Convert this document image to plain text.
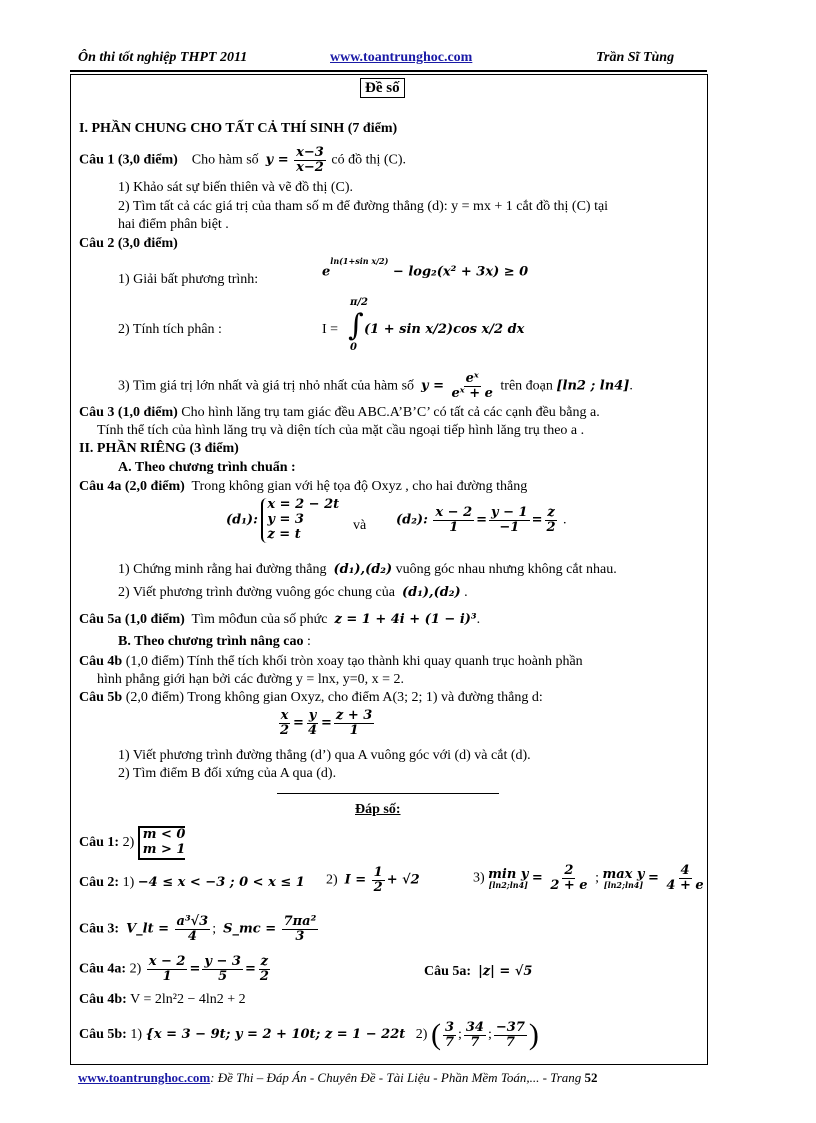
Ôn thi tốt nghiệp THPT 2011	www.toantrunghoc.com	Trần Sĩ Tùng
Đề số
I. PHẦN CHUNG CHO TẤT CẢ THÍ SINH (7 điểm)
Câu 1 (3,0 điểm) Cho hàm số $y = \frac{x-3}{x-2}$ có đồ thị (C).
1) Khảo sát sự biến thiên và vẽ đồ thị (C).
2) Tìm tất cả các giá trị của tham số m để đường thẳng (d): y = mx + 1 cắt đồ thị (C) tại
hai điểm phân biệt .
Câu 2 (3,0 điểm)
1) Giải bất phương trình:
$e^{ln(1+sin x/2)} - \log_2(x^2 + 3x) \ge 0$
2) Tính tích phân :	I =
π/2
∫
0
(1 + sin x/2)cos x/2 dx
3) Tìm giá trị lớn nhất và giá trị nhỏ nhất của hàm số $y = \frac{\text{eˣ}}{\text{eˣ + e}}$ trên đoạn [ln2 ; ln4].
Câu 3 (1,0 điểm) Cho hình lăng trụ tam giác đều ABC.A’B’C’ có tất cả các cạnh đều bằng a.
Tính thể tích của hình lăng trụ và diện tích của mặt cầu ngoại tiếp hình lăng trụ theo a .
II. PHẦN RIÊNG (3 điểm)
A. Theo chương trình chuẩn :
Câu 4a (2,0 điểm) Trong không gian với hệ tọa độ Oxyz , cho hai đường thẳng
(d₁):
x = 2 − 2t
y = 3
z = t
và (d₂): $\frac{x - 2}{1} = \frac{y - 1}{-1} = \frac{z}{2}$ .
1) Chứng minh rằng hai đường thẳng (d₁),(d₂) vuông góc nhau nhưng không cắt nhau.
2) Viết phương trình đường vuông góc chung của (d₁),(d₂) .
Câu 5a (1,0 điểm) Tìm môđun của số phức z = 1 + 4i + (1 − i)³.
B. Theo chương trình nâng cao :
Câu 4b (1,0 điểm) Tính thể tích khối tròn xoay tạo thành khi quay quanh trục hoành phần
hình phẳng giới hạn bởi các đường y = lnx, y=0, x = 2.
Câu 5b (2,0 điểm) Trong không gian Oxyz, cho điểm A(3; 2; 1) và đường thẳng d:
$\frac{x}{2} = \frac{y}{4} = \frac{z + 3}{1}$
1) Viết phương trình đường thẳng (d’) qua A vuông góc với (d) và cắt (d).
2) Tìm điểm B đối xứng của A qua (d).
Đáp số:
Câu 1: 2)
m < 0
m > 1
Câu 2: 1) −4 ≤ x < −3 ; 0 < x ≤ 1 2) $I = \frac{1}{2} + √2$	3) min y
[ln2;ln4] = $\frac{2}{2 + e}$ ; max y
[ln2;ln4] = $\frac{4}{4 + e}$
Câu 3: V_lt = $\frac{\text{a³√3}}{4}$ ; S_mc = $\frac{\text{7πa²}}{3}$
Câu 4a: $2) \frac{x - 2}{1} = \frac{y - 3}{5} = \frac{z}{2}$	Câu 5a: |z| = √5
Câu 4b: V = 2ln²2 − 4ln2 + 2
Câu 5b: 1) {x = 3 − 9t; y = 2 + 10t; z = 1 − 22t 2) ( $\frac{3}{7}$ ; $\frac{34}{7}$ ; $\frac{-37}{7}$ )
www.toantrunghoc.com: Đề Thi – Đáp Án - Chuyên Đề - Tài Liệu - Phần Mềm Toán,... - Trang 52
